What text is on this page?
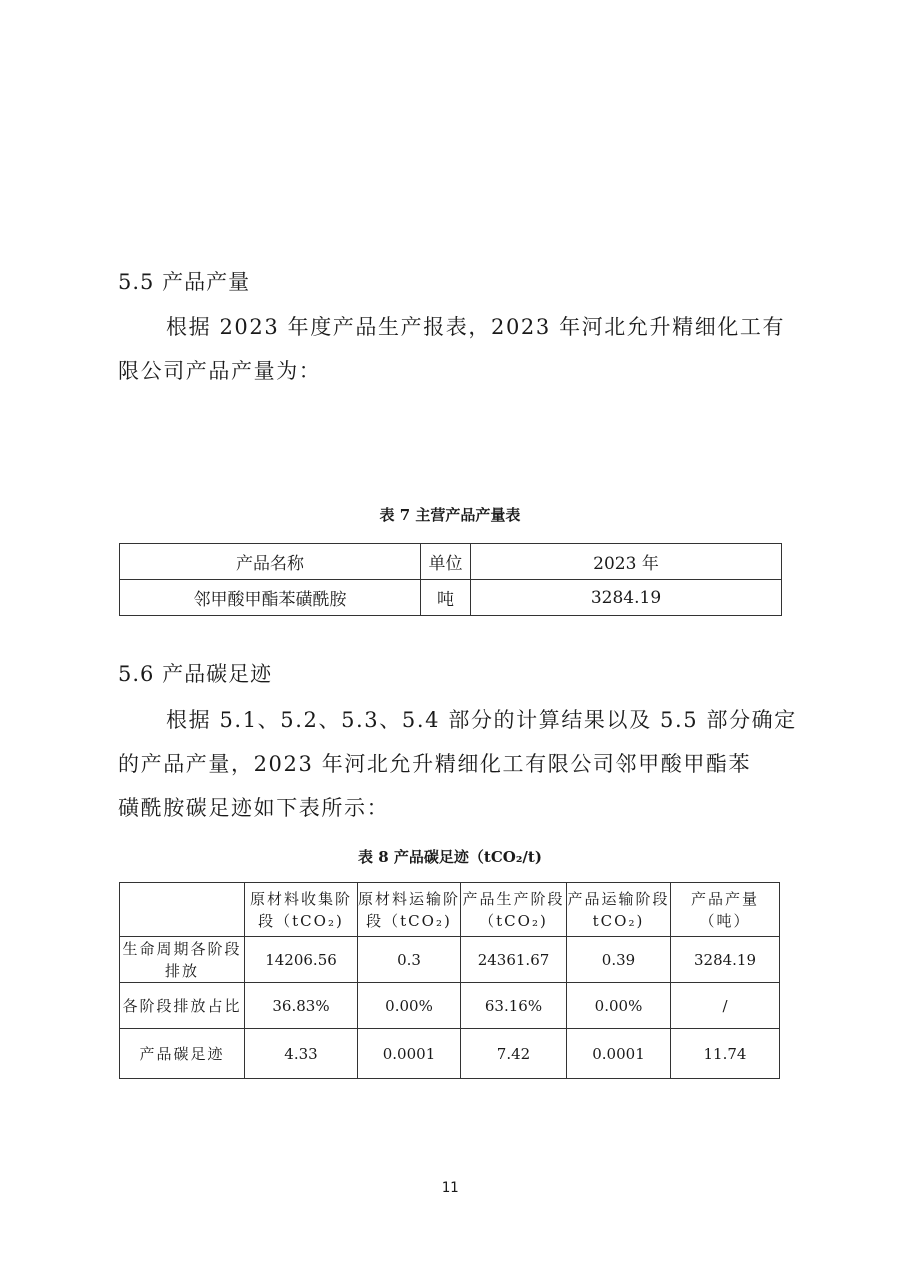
5.5 产品产量
根据 2023 年度产品生产报表，2023 年河北允升精细化工有
限公司产品产量为：
表 7 主营产品产量表
产品名称	单位	2023 年
邻甲酸甲酯苯磺酰胺	吨	3284.19
5.6 产品碳足迹
根据 5.1、5.2、5.3、5.4 部分的计算结果以及 5.5 部分确定
的产品产量，2023 年河北允升精细化工有限公司邻甲酸甲酯苯
磺酰胺碳足迹如下表所示：
表 8 产品碳足迹（tCO₂/t)
	原材料收集阶段（tCO₂)	原材料运输阶段（tCO₂)	产品生产阶段（tCO₂)	产品运输阶段 tCO₂)	产品产量（吨）
生命周期各阶段排放	14206.56	0.3	24361.67	0.39	3284.19
各阶段排放占比	36.83%	0.00%	63.16%	0.00%	/
产品碳足迹	4.33	0.0001	7.42	0.0001	11.74
11
